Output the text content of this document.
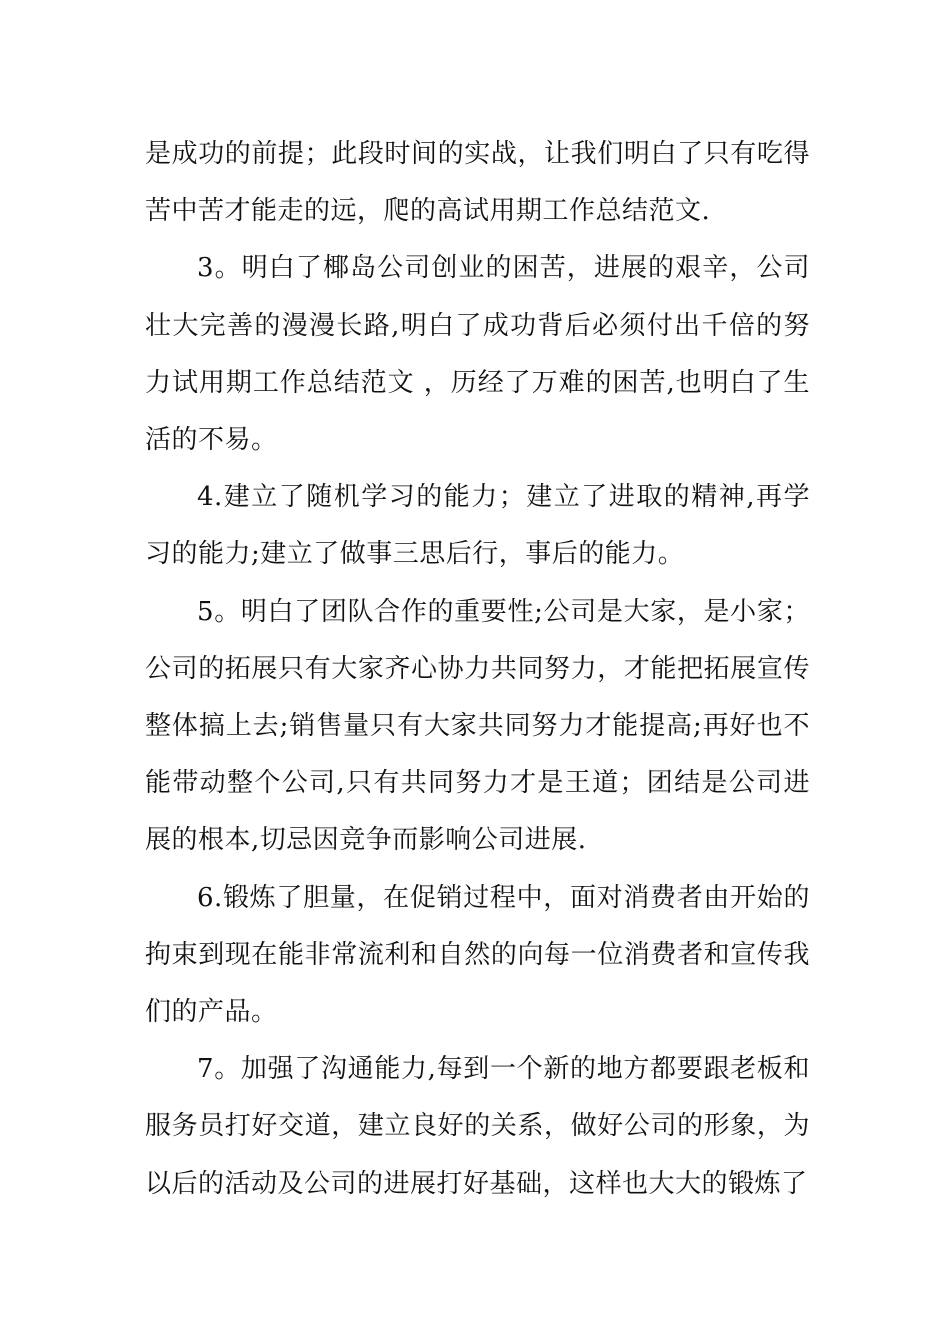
是成功的前提；此段时间的实战，让我们明白了只有吃得苦中苦才能走的远，爬的高试用期工作总结范文.

3。明白了椰岛公司创业的困苦，进展的艰辛，公司壮大完善的漫漫长路,明白了成功背后必须付出千倍的努力试用期工作总结范文 ，历经了万难的困苦,也明白了生活的不易。

4.建立了随机学习的能力；建立了进取的精神,再学习的能力;建立了做事三思后行，事后的能力。

5。明白了团队合作的重要性;公司是大家，是小家；公司的拓展只有大家齐心协力共同努力，才能把拓展宣传整体搞上去;销售量只有大家共同努力才能提高;再好也不能带动整个公司,只有共同努力才是王道；团结是公司进展的根本,切忌因竞争而影响公司进展.

6.锻炼了胆量，在促销过程中，面对消费者由开始的拘束到现在能非常流利和自然的向每一位消费者和宣传我们的产品。

7。加强了沟通能力,每到一个新的地方都要跟老板和服务员打好交道，建立良好的关系，做好公司的形象，为以后的活动及公司的进展打好基础，这样也大大的锻炼了
